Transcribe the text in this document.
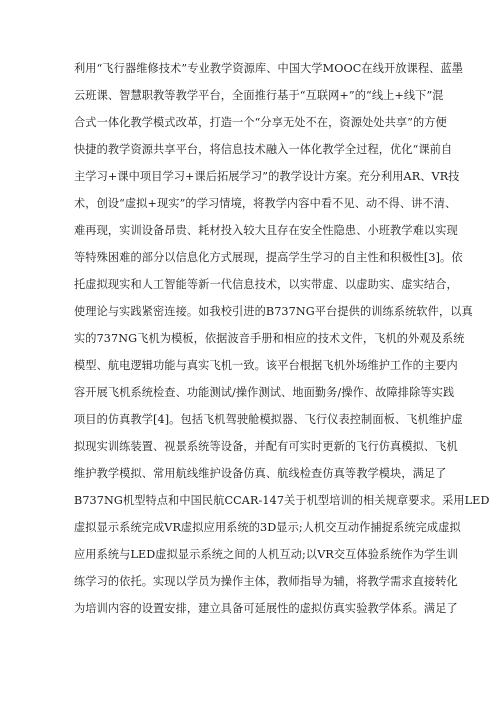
利用“飞行器维修技术”专业教学资源库、中国大学MOOC在线开放课程、蓝墨
云班课、智慧职教等教学平台，全面推行基于“互联网+”的“线上+线下”混
合式一体化教学模式改革，打造一个“分享无处不在，资源处处共享”的方便
快捷的教学资源共享平台，将信息技术融入一体化教学全过程，优化“课前自
主学习+课中项目学习+课后拓展学习”的教学设计方案。充分利用AR、VR技
术，创设“虚拟+现实”的学习情境，将教学内容中看不见、动不得、讲不清、
难再现，实训设备昂贵、耗材投入较大且存在安全性隐患、小班教学难以实现
等特殊困难的部分以信息化方式展现，提高学生学习的自主性和积极性[3]。依
托虚拟现实和人工智能等新一代信息技术，以实带虚、以虚助实、虚实结合，
使理论与实践紧密连接。如我校引进的B737NG平台提供的训练系统软件，以真
实的737NG飞机为模板，依据波音手册和相应的技术文件，飞机的外观及系统
模型、航电逻辑功能与真实飞机一致。该平台根据飞机外场维护工作的主要内
容开展飞机系统检查、功能测试/操作测试、地面勤务/操作、故障排除等实践
项目的仿真教学[4]。包括飞机驾驶舱模拟器、飞行仪表控制面板、飞机维护虚
拟现实训练装置、视景系统等设备，并配有可实时更新的飞行仿真模拟、飞机
维护教学模拟、常用航线维护设备仿真、航线检查仿真等教学模块，满足了
B737NG机型特点和中国民航CCAR-147关于机型培训的相关规章要求。采用LED
虚拟显示系统完成VR虚拟应用系统的3D显示;人机交互动作捕捉系统完成虚拟
应用系统与LED虚拟显示系统之间的人机互动;以VR交互体验系统作为学生训
练学习的依托。实现以学员为操作主体，教师指导为辅，将教学需求直接转化
为培训内容的设置安排，建立具备可延展性的虚拟仿真实验教学体系。满足了
